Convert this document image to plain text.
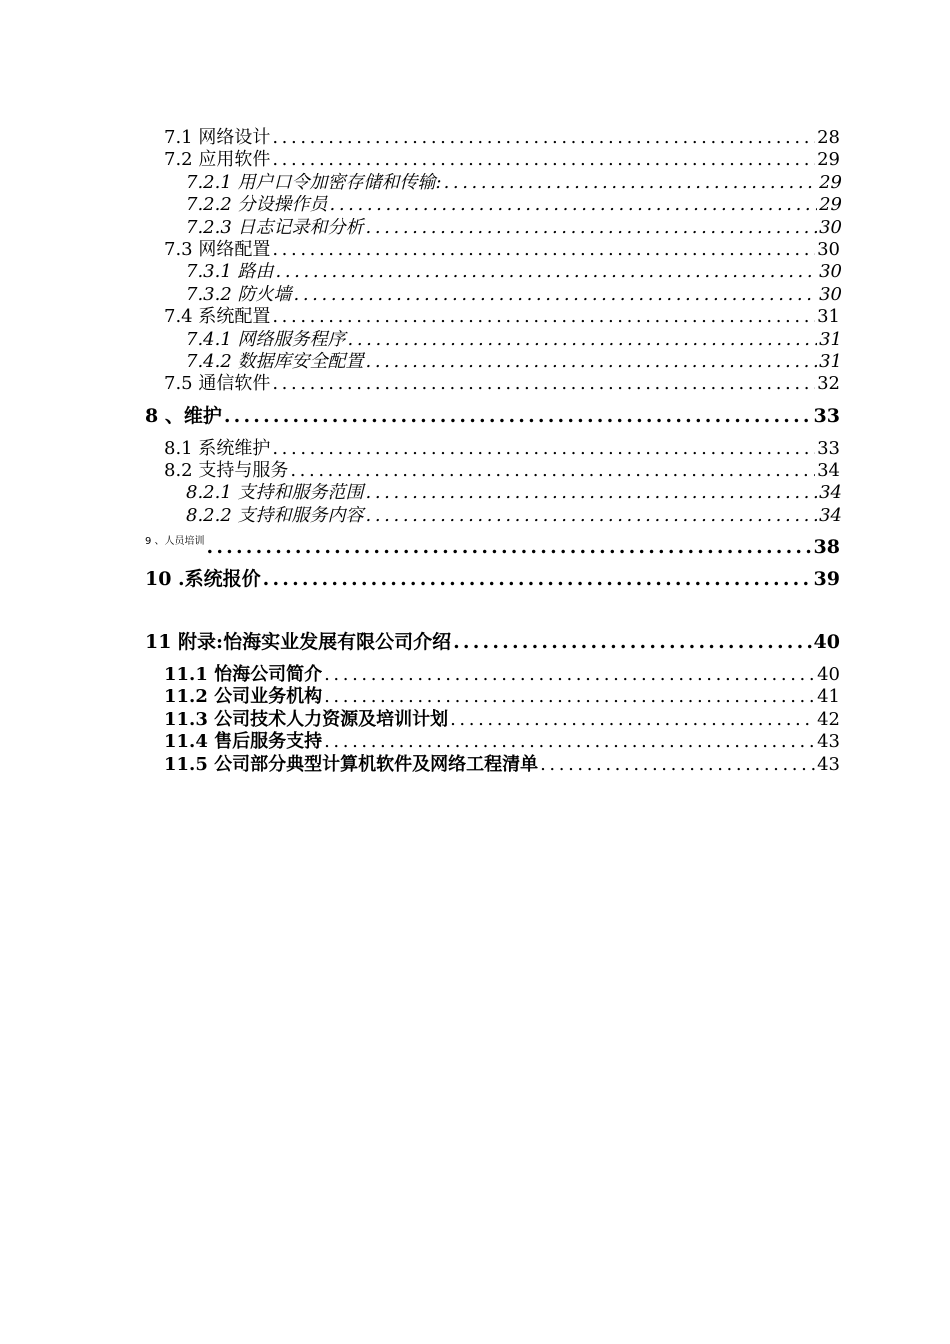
7.1 网络设计 .....	28
7.2 应用软件 .....	29
7.2.1 用户口令加密存储和传输: .....	29
7.2.2 分设操作员 .....	29
7.2.3 日志记录和分析 .....	30
7.3 网络配置 .....	30
7.3.1 路由 .....	30
7.3.2 防火墙 .....	30
7.4 系统配置 .....	31
7.4.1 网络服务程序 .....	31
7.4.2 数据库安全配置 .....	31
7.5 通信软件 .....	32
8 、维护 .....	33
8.1 系统维护 .....	33
8.2 支持与服务 .....	34
8.2.1 支持和服务范围 .....	34
8.2.2 支持和服务内容 .....	34
9 、人员培训 .....	38
10 .系统报价 .....	39
11 附录:怡海实业发展有限公司介绍 .....	40
11.1 怡海公司简介 .....	40
11.2 公司业务机构 .....	41
11.3 公司技术人力资源及培训计划 .....	42
11.4 售后服务支持 .....	43
11.5 公司部分典型计算机软件及网络工程清单 .....	43
